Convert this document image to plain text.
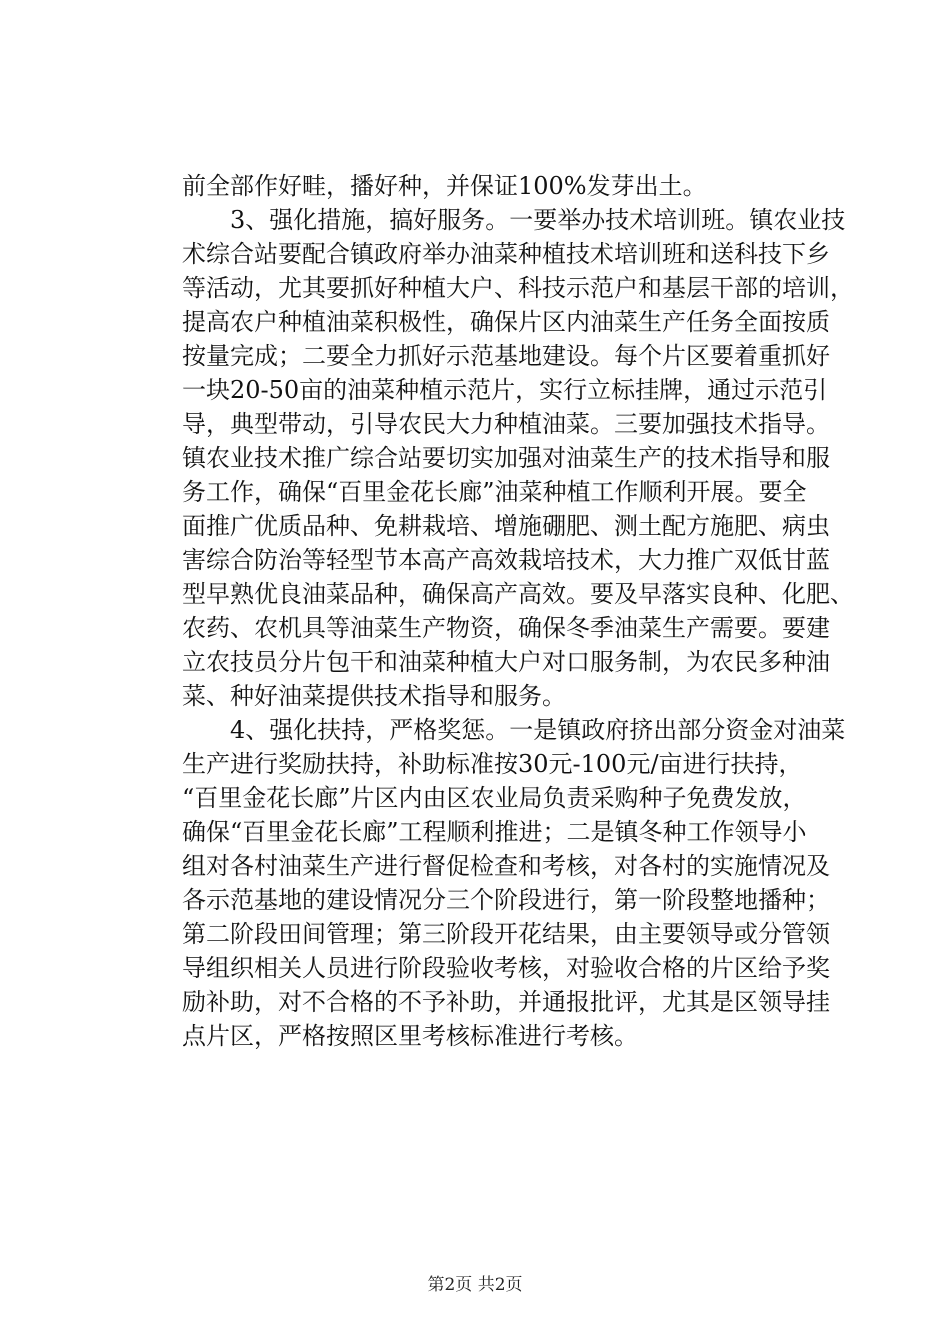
前全部作好畦，播好种，并保证100%发芽出土。
3、强化措施，搞好服务。一要举办技术培训班。镇农业技
术综合站要配合镇政府举办油菜种植技术培训班和送科技下乡
等活动，尤其要抓好种植大户、科技示范户和基层干部的培训，
提高农户种植油菜积极性，确保片区内油菜生产任务全面按质
按量完成；二要全力抓好示范基地建设。每个片区要着重抓好
一块20-50亩的油菜种植示范片，实行立标挂牌，通过示范引
导，典型带动，引导农民大力种植油菜。三要加强技术指导。
镇农业技术推广综合站要切实加强对油菜生产的技术指导和服
务工作，确保“百里金花长廊”油菜种植工作顺利开展。要全
面推广优质品种、免耕栽培、增施硼肥、测土配方施肥、病虫
害综合防治等轻型节本高产高效栽培技术，大力推广双低甘蓝
型早熟优良油菜品种，确保高产高效。要及早落实良种、化肥、
农药、农机具等油菜生产物资，确保冬季油菜生产需要。要建
立农技员分片包干和油菜种植大户对口服务制，为农民多种油
菜、种好油菜提供技术指导和服务。
4、强化扶持，严格奖惩。一是镇政府挤出部分资金对油菜
生产进行奖励扶持，补助标准按30元-100元/亩进行扶持，
“百里金花长廊”片区内由区农业局负责采购种子免费发放，
确保“百里金花长廊”工程顺利推进；二是镇冬种工作领导小
组对各村油菜生产进行督促检查和考核，对各村的实施情况及
各示范基地的建设情况分三个阶段进行，第一阶段整地播种；
第二阶段田间管理；第三阶段开花结果，由主要领导或分管领
导组织相关人员进行阶段验收考核，对验收合格的片区给予奖
励补助，对不合格的不予补助，并通报批评，尤其是区领导挂
点片区，严格按照区里考核标准进行考核。
第2页 共2页
